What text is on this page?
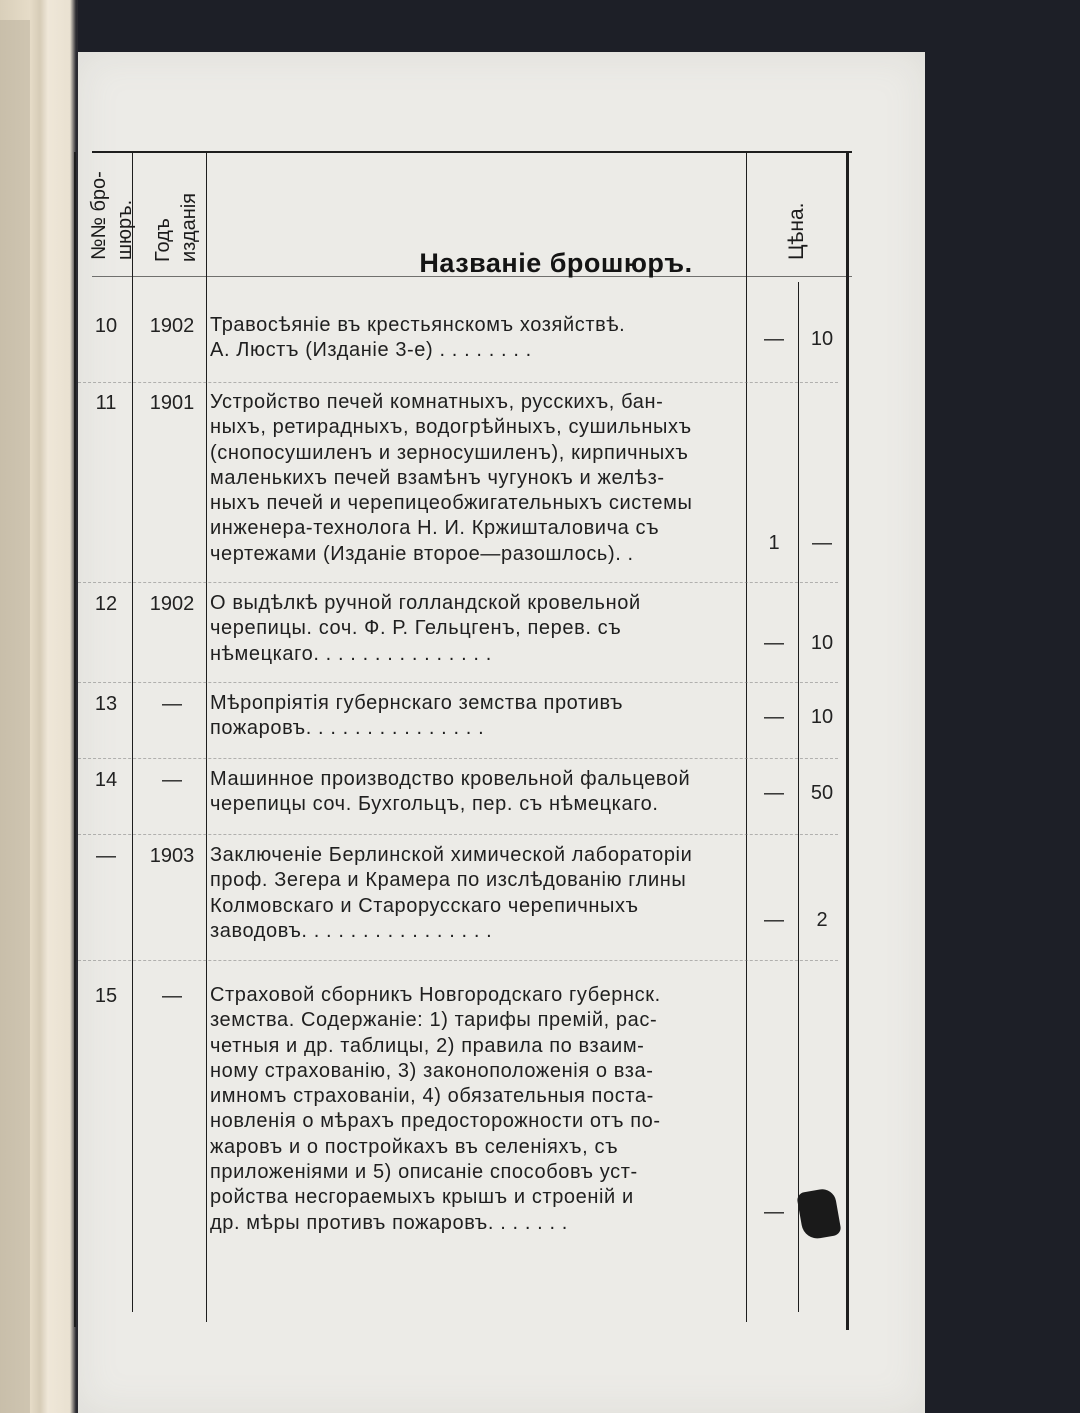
№№ бро- шюръ. Годъ изданія
Названiе брошюръ.
Цѣна.
10	1902 Травосѣяніе въ крестьянскомъ хозяйствѣ.
А. Люстъ (Изданіе 3-е) . . . . . . . .	—	10
11	1901 Устройство печей комнатныхъ, русскихъ, бан-
ныхъ, ретирадныхъ, водогрѣйныхъ, сушильныхъ
(снопосушиленъ и зерносушиленъ), кирпичныхъ
маленькихъ печей взамѣнъ чугунокъ и желѣз-
ныхъ печей и черепицеобжигательныхъ системы
инженера-технолога Н. И. Кржишталовича съ
чертежами (Изданіе второе—разошлось). .	1	—
12	1902 О выдѣлкѣ ручной голландской кровельной
черепицы. соч. Ф. Р. Гельцгенъ, перев. съ
нѣмецкаго. . . . . . . . . . . . . . .	—	10
13	—	Мѣропріятія губернскаго земства противъ
пожаровъ. . . . . . . . . . . . . . .	—	10
14	—	Машинное производство кровельной фальцевой
черепицы соч. Бухгольцъ, пер. съ нѣмецкаго.	—	50
—	1903 Заключеніе Берлинской химической лабораторіи
проф. Зегера и Крамера по изслѣдованію глины
Колмовскаго и Старорусскаго черепичныхъ
заводовъ. . . . . . . . . . . . . . . .	—	2
15	—	Страховой сборникъ Новгородскаго губернск.
земства. Содержаніе: 1) тарифы премій, рас-
четныя и др. таблицы, 2) правила по взаим-
ному страхованію, 3) законоположенія о вза-
имномъ страхованіи, 4) обязательныя поста-
новленія о мѣрахъ предосторожности отъ по-
жаровъ и о постройкахъ въ селеніяхъ, съ
приложеніями и 5) описаніе способовъ уст-
ройства несгораемыхъ крышъ и строеній и
др. мѣры противъ пожаровъ. . . . . . .	—
